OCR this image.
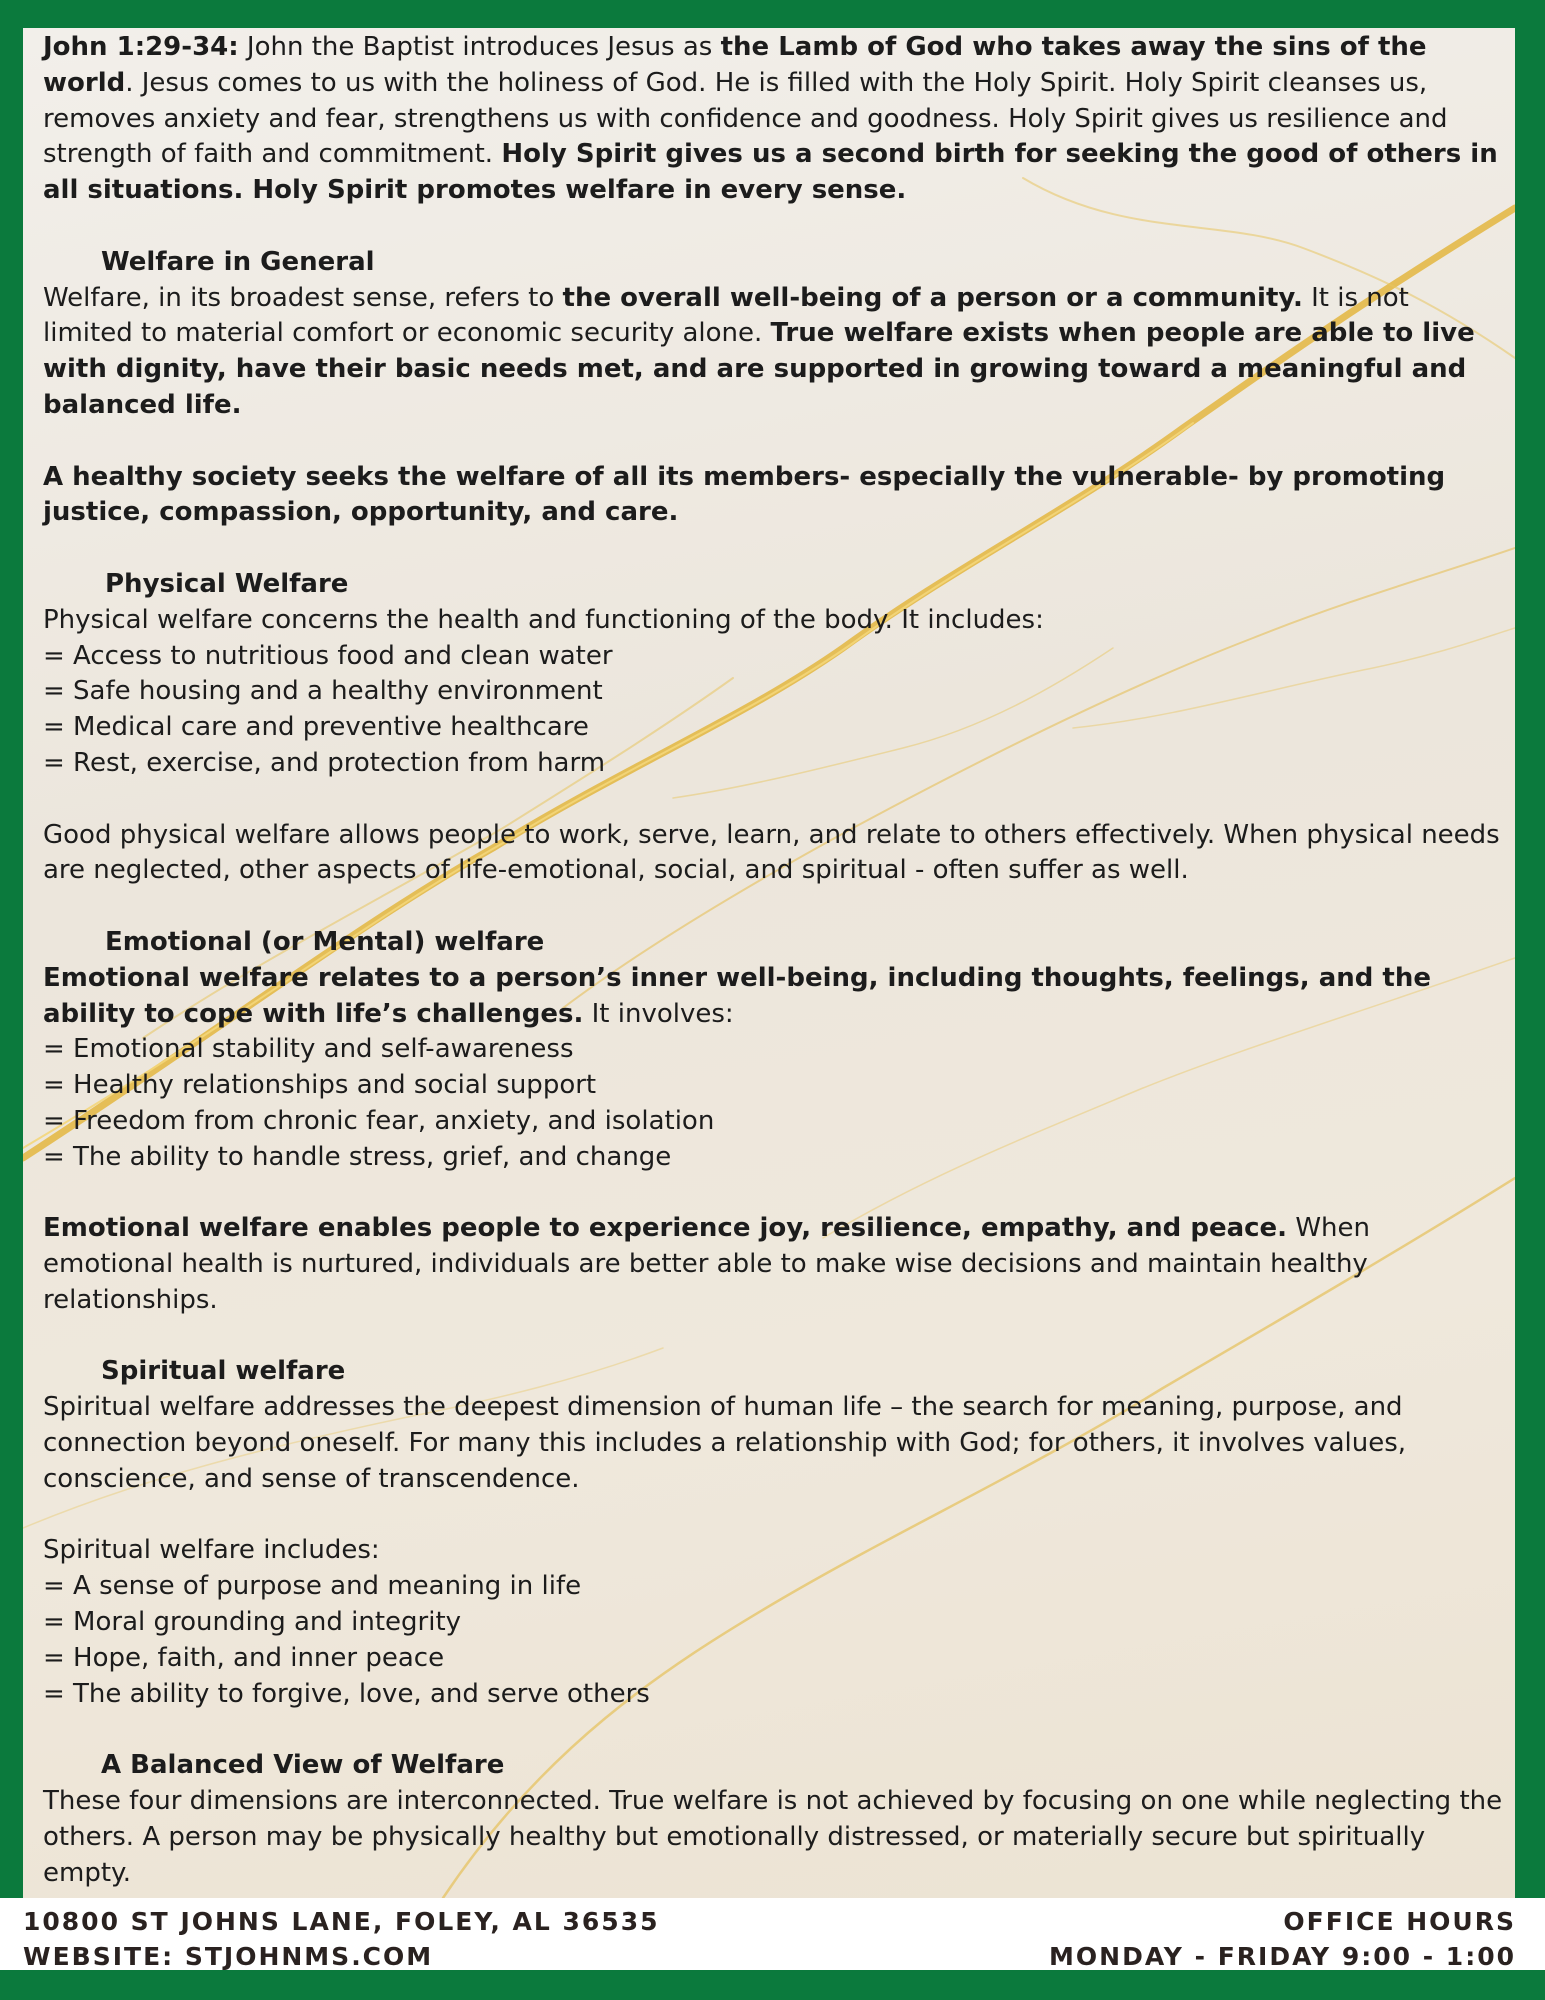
John 1:29-34: John the Baptist introduces Jesus as the Lamb of God who takes away the sins of the world. Jesus comes to us with the holiness of God. He is filled with the Holy Spirit. Holy Spirit cleanses us, removes anxiety and fear, strengthens us with confidence and goodness. Holy Spirit gives us resilience and strength of faith and commitment. Holy Spirit gives us a second birth for seeking the good of others in all situations. Holy Spirit promotes welfare in every sense.

Welfare in General

Welfare, in its broadest sense, refers to the overall well-being of a person or a community. It is not limited to material comfort or economic security alone. True welfare exists when people are able to live with dignity, have their basic needs met, and are supported in growing toward a meaningful and balanced life.

A healthy society seeks the welfare of all its members- especially the vulnerable- by promoting justice, compassion, opportunity, and care.

Physical Welfare

Physical welfare concerns the health and functioning of the body. It includes:

= Access to nutritious food and clean water

= Safe housing and a healthy environment

= Medical care and preventive healthcare

= Rest, exercise, and protection from harm

Good physical welfare allows people to work, serve, learn, and relate to others effectively. When physical needs are neglected, other aspects of life-emotional, social, and spiritual - often suffer as well.

Emotional (or Mental) welfare

Emotional welfare relates to a person’s inner well-being, including thoughts, feelings, and the ability to cope with life’s challenges. It involves:

= Emotional stability and self-awareness

= Healthy relationships and social support

= Freedom from chronic fear, anxiety, and isolation

= The ability to handle stress, grief, and change

Emotional welfare enables people to experience joy, resilience, empathy, and peace. When emotional health is nurtured, individuals are better able to make wise decisions and maintain healthy relationships.

Spiritual welfare

Spiritual welfare addresses the deepest dimension of human life – the search for meaning, purpose, and connection beyond oneself. For many this includes a relationship with God; for others, it involves values, conscience, and sense of transcendence.

Spiritual welfare includes:

= A sense of purpose and meaning in life

= Moral grounding and integrity

= Hope, faith, and inner peace

= The ability to forgive, love, and serve others

A Balanced View of Welfare

These four dimensions are interconnected. True welfare is not achieved by focusing on one while neglecting the others. A person may be physically healthy but emotionally distressed, or materially secure but spiritually empty.

10800 ST JOHNS LANE, FOLEY, AL 36535
WEBSITE: STJOHNMS.COM
OFFICE HOURS
MONDAY - FRIDAY 9:00 - 1:00
